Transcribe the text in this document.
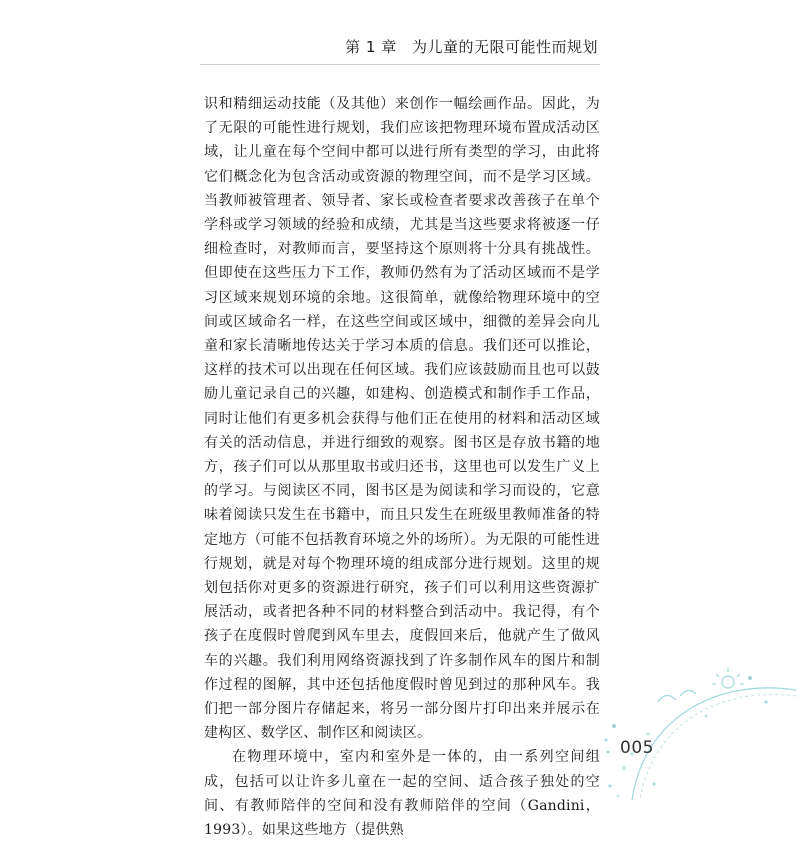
第 1 章 为儿童的无限可能性而规划

识和精细运动技能（及其他）来创作一幅绘画作品。因此，为了无限的可能性进行规划，我们应该把物理环境布置成活动区域，让儿童在每个空间中都可以进行所有类型的学习，由此将它们概念化为包含活动或资源的物理空间，而不是学习区域。当教师被管理者、领导者、家长或检查者要求改善孩子在单个学科或学习领域的经验和成绩，尤其是当这些要求将被逐一仔细检查时，对教师而言，要坚持这个原则将十分具有挑战性。但即使在这些压力下工作，教师仍然有为了活动区域而不是学习区域来规划环境的余地。这很简单，就像给物理环境中的空间或区域命名一样，在这些空间或区域中，细微的差异会向儿童和家长清晰地传达关于学习本质的信息。我们还可以推论，这样的技术可以出现在任何区域。我们应该鼓励而且也可以鼓励儿童记录自己的兴趣，如建构、创造模式和制作手工作品，同时让他们有更多机会获得与他们正在使用的材料和活动区域有关的活动信息，并进行细致的观察。图书区是存放书籍的地方，孩子们可以从那里取书或归还书，这里也可以发生广义上的学习。与阅读区不同，图书区是为阅读和学习而设的，它意味着阅读只发生在书籍中，而且只发生在班级里教师准备的特定地方（可能不包括教育环境之外的场所）。为无限的可能性进行规划，就是对每个物理环境的组成部分进行规划。这里的规划包括你对更多的资源进行研究，孩子们可以利用这些资源扩展活动，或者把各种不同的材料整合到活动中。我记得，有个孩子在度假时曾爬到风车里去，度假回来后，他就产生了做风车的兴趣。我们利用网络资源找到了许多制作风车的图片和制作过程的图解，其中还包括他度假时曾见到过的那种风车。我们把一部分图片存储起来，将另一部分图片打印出来并展示在建构区、数学区、制作区和阅读区。

在物理环境中，室内和室外是一体的，由一系列空间组成，包括可以让许多儿童在一起的空间、适合孩子独处的空间、有教师陪伴的空间和没有教师陪伴的空间（Gandini，1993）。如果这些地方（提供熟

005
